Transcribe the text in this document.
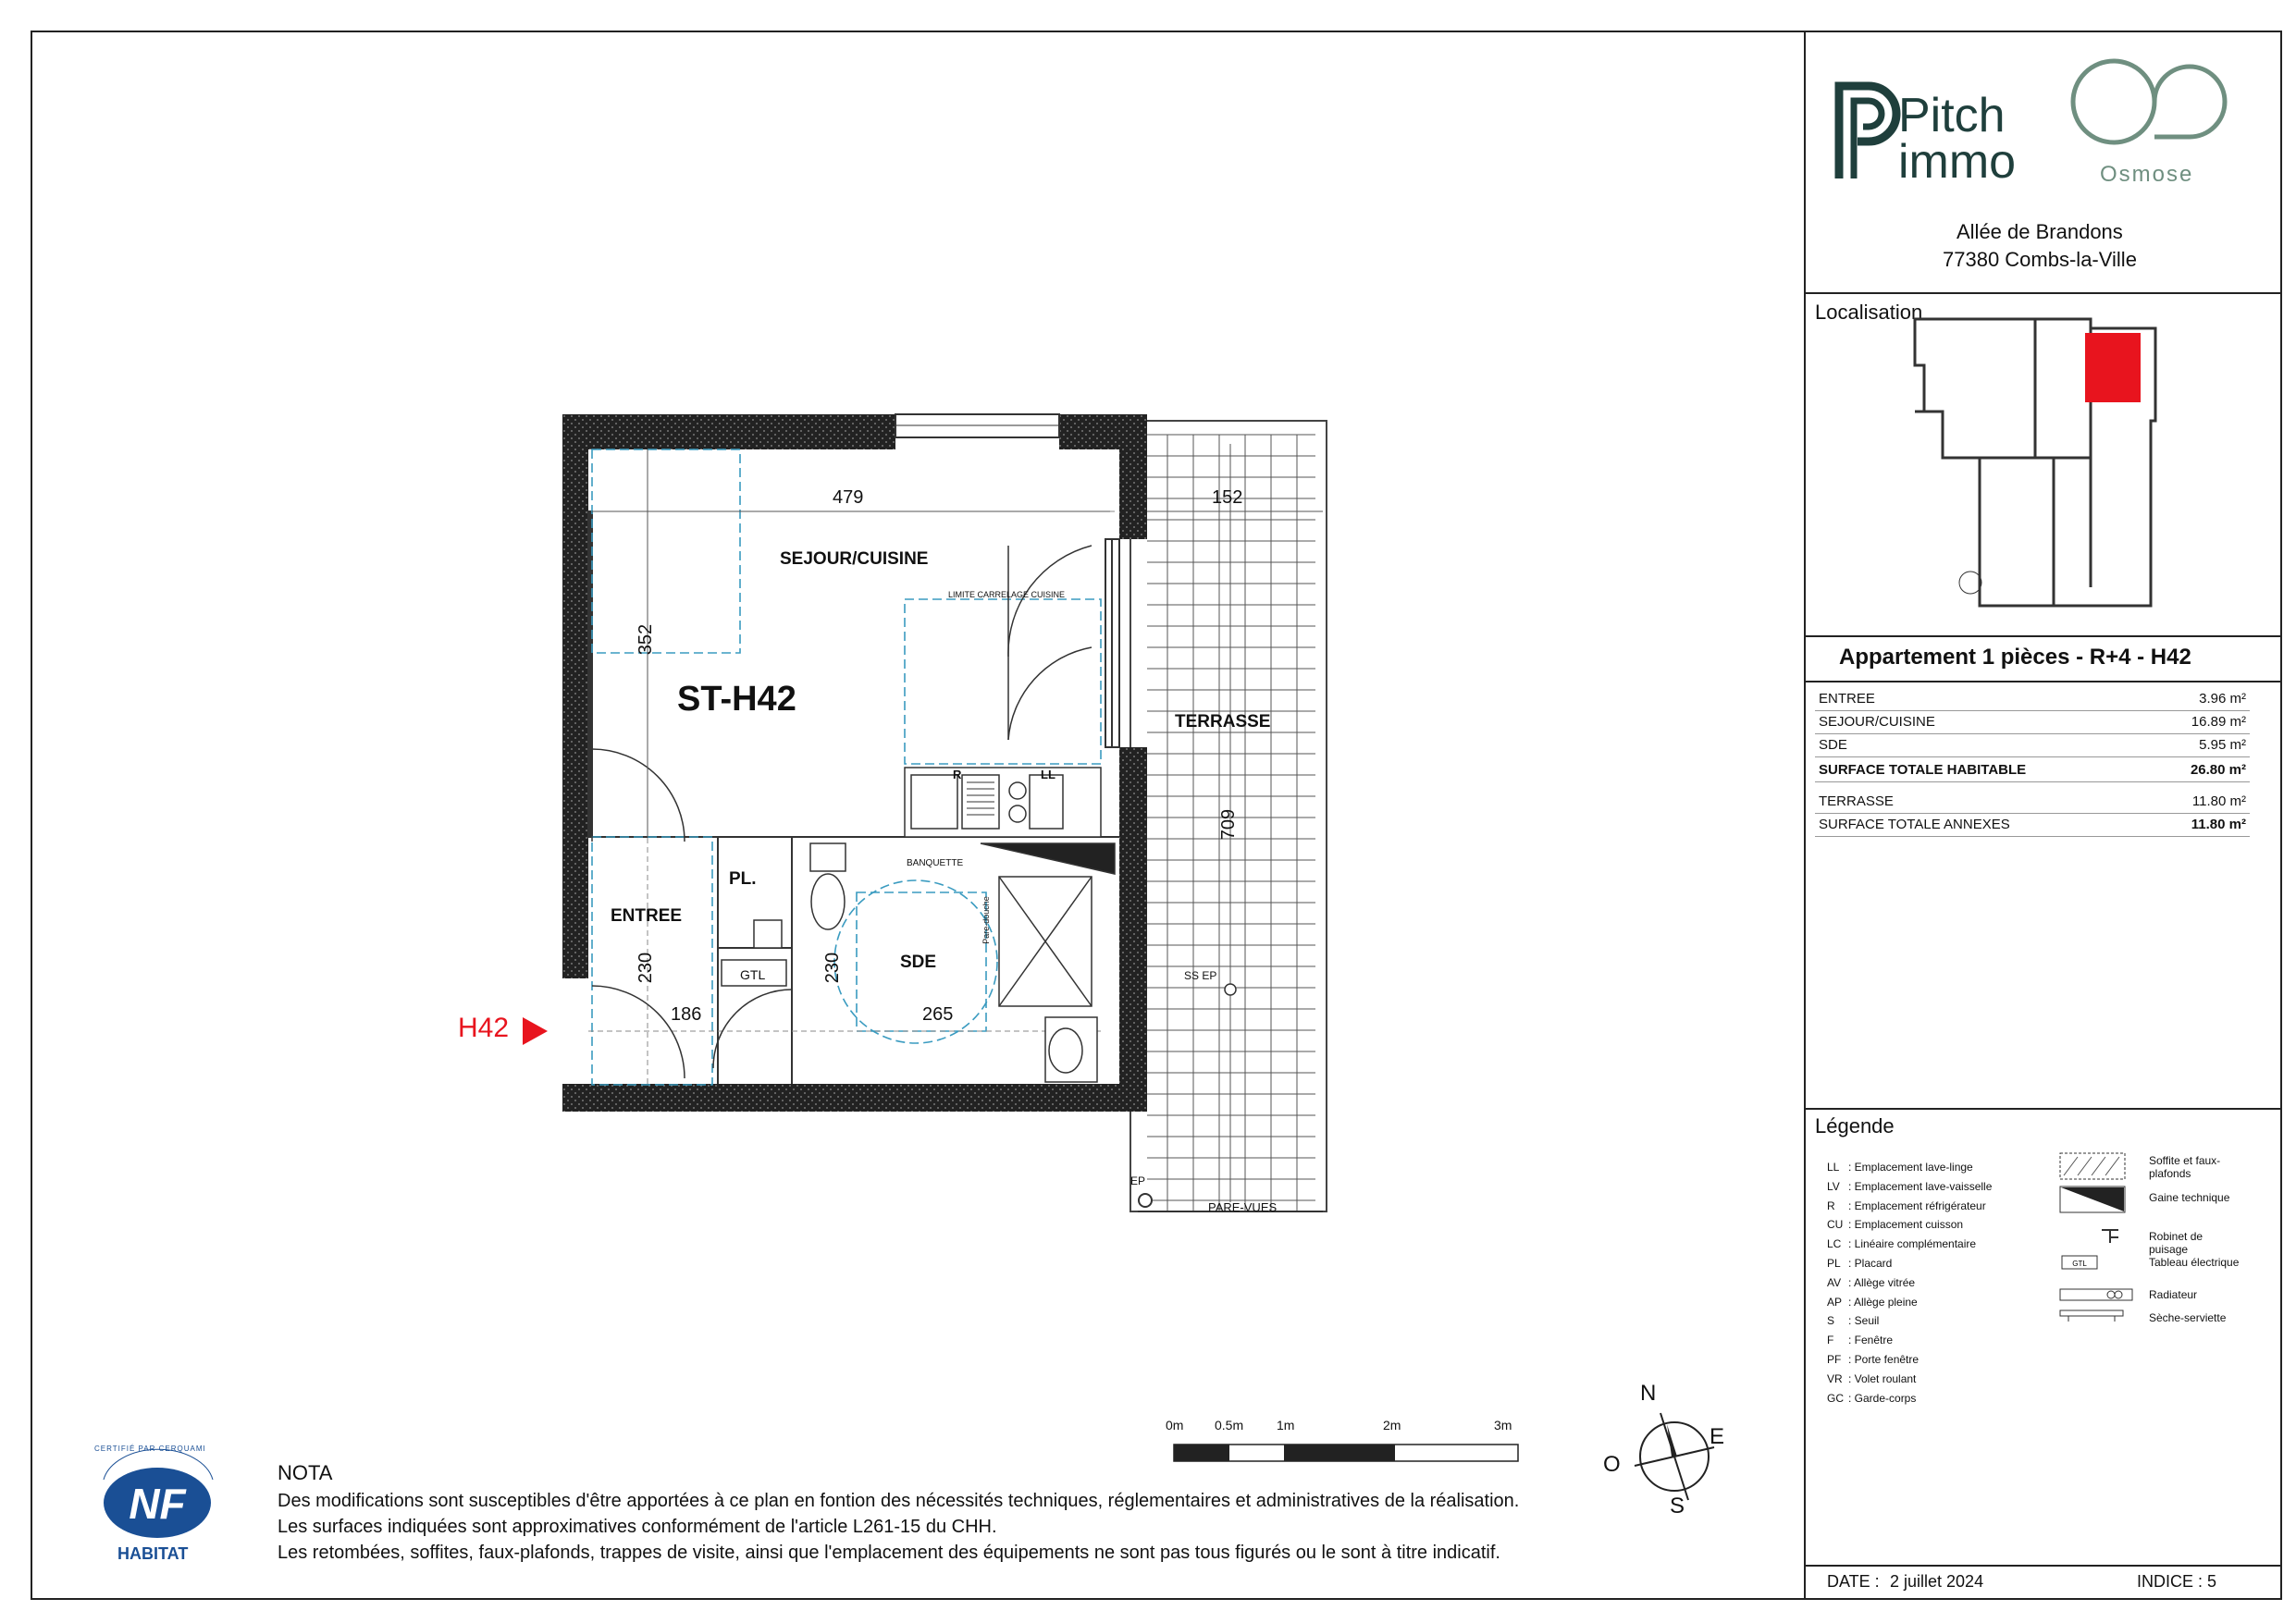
SEJOUR/CUISINE
ST-H42
ENTREE
SDE
TERRASSE
PL.
479	152
352
709
230	230
186	265
LIMITE CARRELAGE CUISINE
BANQUETTE
GTL
R	LL
SS EP
EP
PARE-VUES
Pare-douche
H42
0m 0.5m	1m	2m	3m
N
E
S
O
NF
CERTIFIÉ PAR CERQUAMI
HABITAT
NOTA
Des modifications sont susceptibles d'être apportées à ce plan en fontion des nécessités techniques, réglementaires et administratives de la réalisation.
Les surfaces indiquées sont approximatives conformément de l'article L261-15 du CHH.
Les retombées, soffites, faux-plafonds, trappes de visite, ainsi que l'emplacement des équipements ne sont pas tous figurés ou le sont à titre indicatif.
Pitch
immo	Osmose
Allée de Brandons
77380 Combs-la-Ville
Localisation
Appartement 1 pièces - R+4 - H42
ENTREE	3.96 m²
SEJOUR/CUISINE	16.89 m²
SDE	5.95 m²
SURFACE TOTALE HABITABLE	26.80 m²
TERRASSE	11.80 m²
SURFACE TOTALE ANNEXES	11.80 m²
Légende
LL : Emplacement lave-linge
LV : Emplacement lave-vaisselle
R : Emplacement réfrigérateur
CU : Emplacement cuisson
LC : Linéaire complémentaire
PL : Placard
AV : Allège vitrée
AP : Allège pleine
S : Seuil
F : Fenêtre
PF : Porte fenêtre
VR : Volet roulant
GC : Garde-corps
Soffite et faux-plafonds
Gaine technique
Robinet de puisage
Tableau électrique
Radiateur
Sèche-serviette
GTL
DATE : 2 juillet 2024	INDICE : 5
